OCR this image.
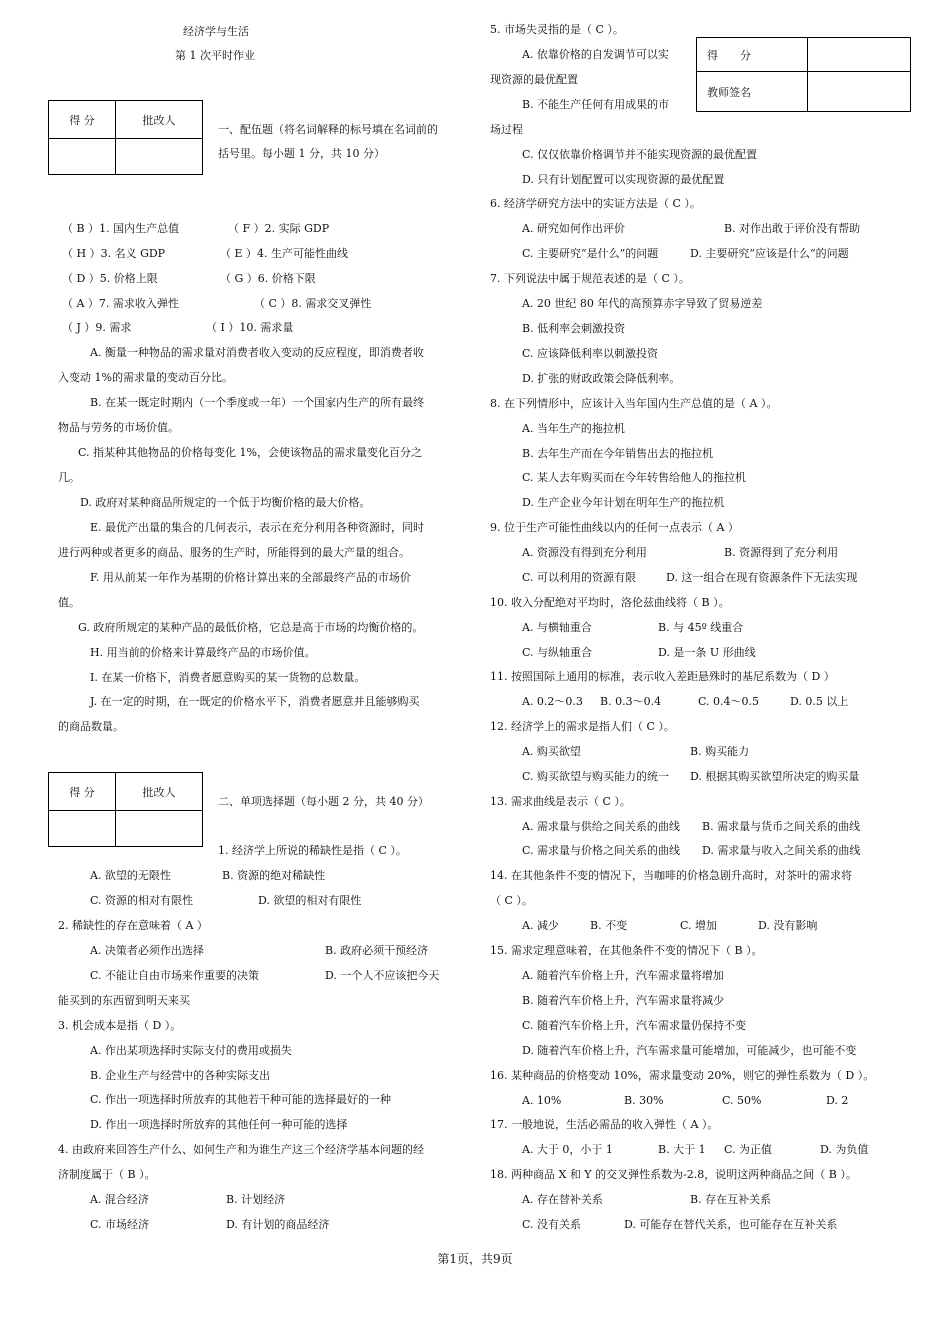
经济学与生活
第 1 次平时作业
得 分	批改人

一、配伍题（将名词解释的标号填在名词前的
括号里。每小题 1 分，共 10 分）
（ B ）1. 国内生产总值	（ F ）2. 实际 GDP
（ H ）3. 名义 GDP	（ E ）4. 生产可能性曲线
（ D ）5. 价格上限	（ G ）6. 价格下限
（ A ）7. 需求收入弹性	（ C ）8. 需求交叉弹性
（ J ）9. 需求	（ I ）10. 需求量
A. 衡量一种物品的需求量对消费者收入变动的反应程度，即消费者收
入变动 1%的需求量的变动百分比。
B. 在某一既定时期内（一个季度或一年）一个国家内生产的所有最终
物品与劳务的市场价值。
C. 指某种其他物品的价格每变化 1%，会使该物品的需求量变化百分之
几。
D. 政府对某种商品所规定的一个低于均衡价格的最大价格。
E. 最优产出量的集合的几何表示，表示在充分利用各种资源时，同时
进行两种或者更多的商品、服务的生产时，所能得到的最大产量的组合。
F. 用从前某一年作为基期的价格计算出来的全部最终产品的市场价
值。
G. 政府所规定的某种产品的最低价格，它总是高于市场的均衡价格的。
H. 用当前的价格来计算最终产品的市场价值。
I. 在某一价格下，消费者愿意购买的某一货物的总数量。
J. 在一定的时期，在一既定的价格水平下，消费者愿意并且能够购买
的商品数量。
得 分	批改人

二、单项选择题（每小题 2 分，共 40 分）
1. 经济学上所说的稀缺性是指（ C ）。
A. 欲望的无限性	B. 资源的绝对稀缺性
C. 资源的相对有限性	D. 欲望的相对有限性
2. 稀缺性的存在意味着（ A ）
A. 决策者必须作出选择	B. 政府必须干预经济
C. 不能让自由市场来作重要的决策	D. 一个人不应该把今天
能买到的东西留到明天来买
3. 机会成本是指（ D ）。
A. 作出某项选择时实际支付的费用或损失
B. 企业生产与经营中的各种实际支出
C. 作出一项选择时所放弃的其他若干种可能的选择最好的一种
D. 作出一项选择时所放弃的其他任何一种可能的选择
4. 由政府来回答生产什么、如何生产和为谁生产这三个经济学基本问题的经
济制度属于（ B ）。
A. 混合经济	B. 计划经济
C. 市场经济	D. 有计划的商品经济
得　　分	
教师签名	
5. 市场失灵指的是（ C ）。
A. 依靠价格的自发调节可以实
现资源的最优配置
B. 不能生产任何有用成果的市
场过程
C. 仅仅依靠价格调节并不能实现资源的最优配置
D. 只有计划配置可以实现资源的最优配置
6. 经济学研究方法中的实证方法是（ C ）。
A. 研究如何作出评价	B. 对作出敢于评价没有帮助
C. 主要研究“是什么”的问题	D. 主要研究“应该是什么“的问题
7. 下列说法中属于规范表述的是（ C ）。
A. 20 世纪 80 年代的高预算赤字导致了贸易逆差
B. 低利率会刺激投资
C. 应该降低利率以刺激投资
D. 扩张的财政政策会降低利率。
8. 在下列情形中，应该计入当年国内生产总值的是（ A ）。
A. 当年生产的拖拉机
B. 去年生产而在今年销售出去的拖拉机
C. 某人去年购买而在今年转售给他人的拖拉机
D. 生产企业今年计划在明年生产的拖拉机
9. 位于生产可能性曲线以内的任何一点表示（ A ）
A. 资源没有得到充分利用	B. 资源得到了充分利用
C. 可以利用的资源有限	D. 这一组合在现有资源条件下无法实现
10. 收入分配绝对平均时，洛伦兹曲线将（ B ）。
A. 与横轴重合	B. 与 45º 线重合
C. 与纵轴重合	D. 是一条 U 形曲线
11. 按照国际上通用的标准，表示收入差距悬殊时的基尼系数为（ D ）
A. 0.2～0.3 B. 0.3～0.4	C. 0.4～0.5	D. 0.5 以上
12. 经济学上的需求是指人们（ C ）。
A. 购买欲望	B. 购买能力
C. 购买欲望与购买能力的统一 D. 根据其购买欲望所决定的购买量
13. 需求曲线是表示（ C ）。
A. 需求量与供给之间关系的曲线 B. 需求量与货币之间关系的曲线
C. 需求量与价格之间关系的曲线 D. 需求量与收入之间关系的曲线
14. 在其他条件不变的情况下，当咖啡的价格急剧升高时，对茶叶的需求将
（ C ）。
A. 减少	B. 不变	C. 增加	D. 没有影响
15. 需求定理意味着，在其他条件不变的情况下（ B ）。
A. 随着汽车价格上升，汽车需求量将增加
B. 随着汽车价格上升，汽车需求量将减少
C. 随着汽车价格上升，汽车需求量仍保持不变
D. 随着汽车价格上升，汽车需求量可能增加，可能减少，也可能不变
16. 某种商品的价格变动 10%，需求量变动 20%，则它的弹性系数为（ D ）。
A. 10%	B. 30%	C. 50%	D. 2
17. 一般地说，生活必需品的收入弹性（ A ）。
A. 大于 0，小于 1	B. 大于 1 C. 为正值	D. 为负值
18. 两种商品 X 和 Y 的交叉弹性系数为-2.8，说明这两种商品之间（ B ）。
A. 存在替补关系	B. 存在互补关系
C. 没有关系	D. 可能存在替代关系，也可能存在互补关系
第1页，共9页
